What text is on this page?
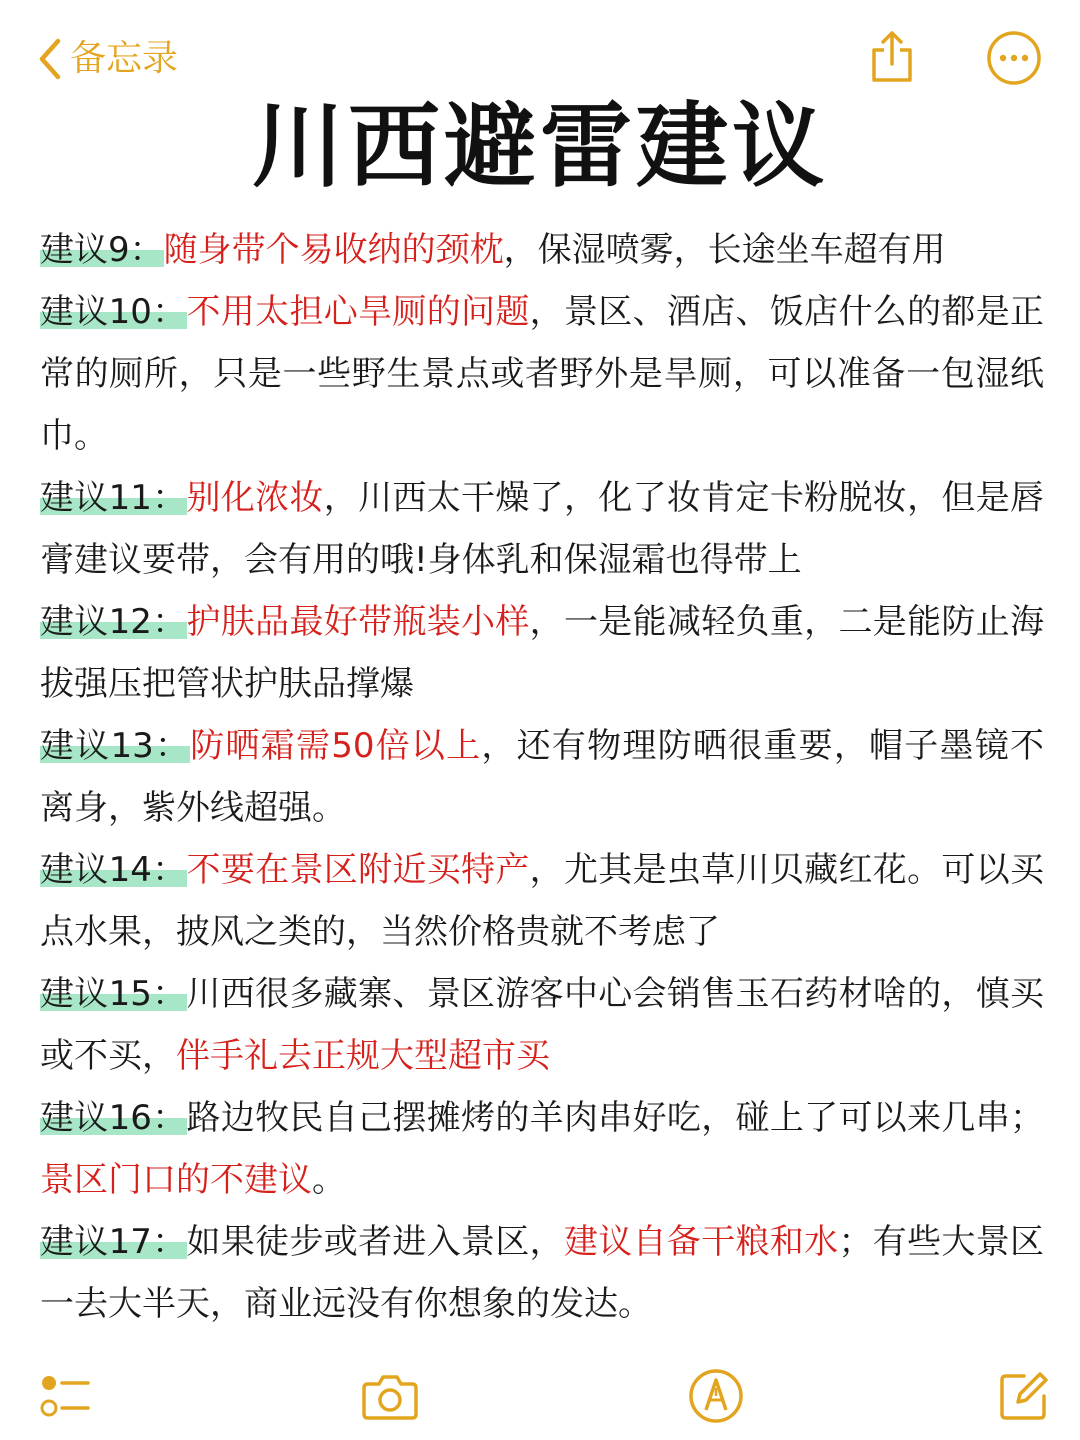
备忘录
川西避雷建议

建议9：随身带个易收纳的颈枕，保湿喷雾，长途坐车超有用

建议10：不用太担心旱厕的问题，景区、酒店、饭店什么的都是正常的厕所，只是一些野生景点或者野外是旱厕，可以准备一包湿纸巾。

建议11：别化浓妆，川西太干燥了，化了妆肯定卡粉脱妆，但是唇膏建议要带，会有用的哦!身体乳和保湿霜也得带上

建议12：护肤品最好带瓶装小样，一是能减轻负重，二是能防止海拔强压把管状护肤品撑爆

建议13：防晒霜需50倍以上，还有物理防晒很重要，帽子墨镜不离身，紫外线超强。

建议14：不要在景区附近买特产，尤其是虫草川贝藏红花。可以买点水果，披风之类的，当然价格贵就不考虑了

建议15：川西很多藏寨、景区游客中心会销售玉石药材啥的，慎买或不买，伴手礼去正规大型超市买

建议16：路边牧民自己摆摊烤的羊肉串好吃，碰上了可以来几串；景区门口的不建议。

建议17：如果徒步或者进入景区，建议自备干粮和水；有些大景区一去大半天，商业远没有你想象的发达。
